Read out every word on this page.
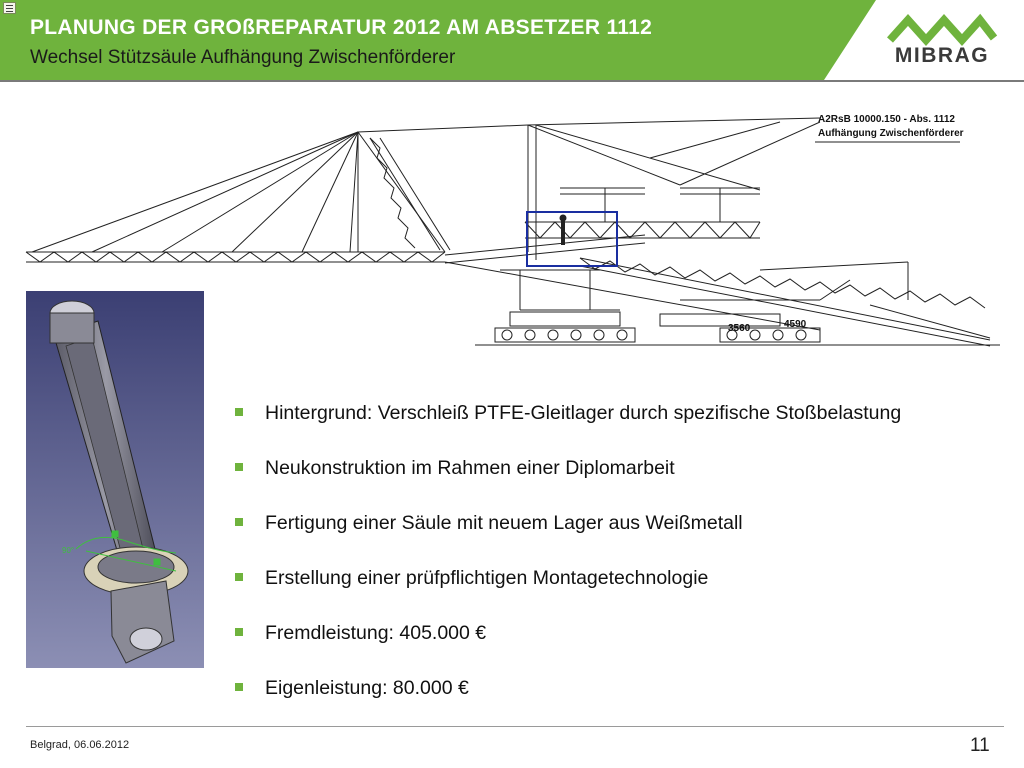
PLANUNG DER GROßREPARATUR 2012 AM ABSETZER 1112
Wechsel Stützsäule Aufhängung Zwischenförderer	MIBRAG
A2RsB 10000.150 - Abs. 1112
Aufhängung Zwischenförderer
3560	4590
90°
Hintergrund: Verschleiß PTFE-Gleitlager durch spezifische Stoßbelastung
Neukonstruktion im Rahmen einer Diplomarbeit
Fertigung einer Säule mit neuem Lager aus Weißmetall
Erstellung einer prüfpflichtigen Montagetechnologie
Fremdleistung: 405.000 €
Eigenleistung: 80.000 €
Belgrad, 06.06.2012	11
